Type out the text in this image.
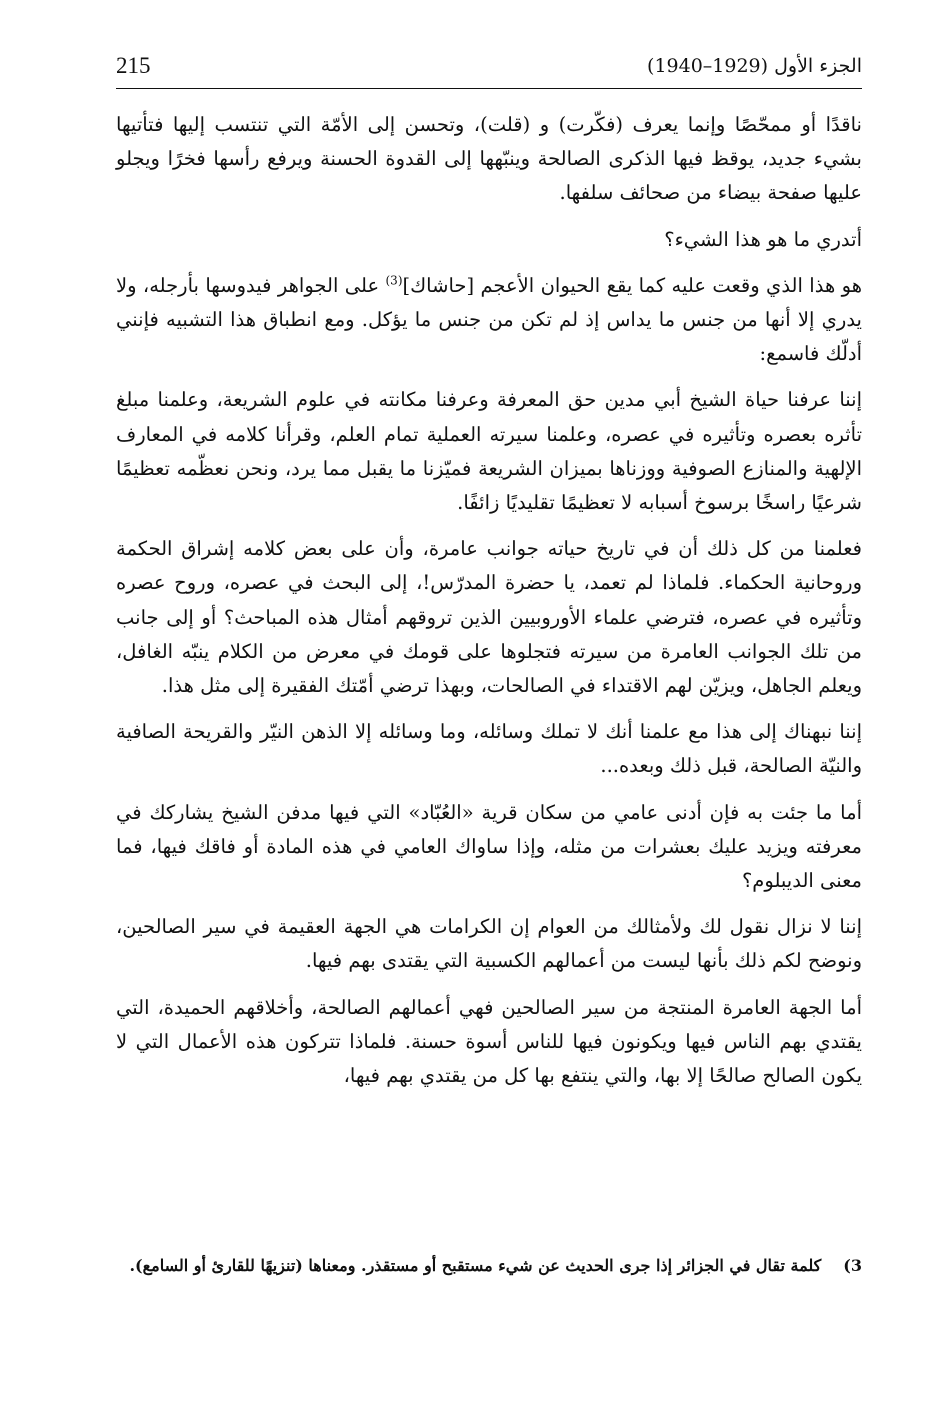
215	الجزء الأول (1929–1940)

ناقدًا أو ممحّصًا وإنما يعرف (فكّرت) و (قلت)، وتحسن إلى الأمّة التي تنتسب إليها فتأتيها بشيء جديد، يوقظ فيها الذكرى الصالحة وينبّهها إلى القدوة الحسنة ويرفع رأسها فخرًا ويجلو عليها صفحة بيضاء من صحائف سلفها.

أتدري ما هو هذا الشيء؟

هو هذا الذي وقعت عليه كما يقع الحيوان الأعجم [حاشاك]$^{(3)}$ على الجواهر فيدوسها بأرجله، ولا يدري إلا أنها من جنس ما يداس إذ لم تكن من جنس ما يؤكل. ومع انطباق هذا التشبيه فإنني أدلّك فاسمع:

إننا عرفنا حياة الشيخ أبي مدين حق المعرفة وعرفنا مكانته في علوم الشريعة، وعلمنا مبلغ تأثره بعصره وتأثيره في عصره، وعلمنا سيرته العملية تمام العلم، وقرأنا كلامه في المعارف الإلهية والمنازع الصوفية ووزناها بميزان الشريعة فميّزنا ما يقبل مما يرد، ونحن نعظّمه تعظيمًا شرعيًا راسخًا برسوخ أسبابه لا تعظيمًا تقليديًا زائفًا.

فعلمنا من كل ذلك أن في تاريخ حياته جوانب عامرة، وأن على بعض كلامه إشراق الحكمة وروحانية الحكماء. فلماذا لم تعمد، يا حضرة المدرّس!، إلى البحث في عصره، وروح عصره وتأثيره في عصره، فترضي علماء الأوروبيين الذين تروقهم أمثال هذه المباحث؟ أو إلى جانب من تلك الجوانب العامرة من سيرته فتجلوها على قومك في معرض من الكلام ينبّه الغافل، ويعلم الجاهل، ويزيّن لهم الاقتداء في الصالحات، وبهذا ترضي أمّتك الفقيرة إلى مثل هذا.

إننا نبهناك إلى هذا مع علمنا أنك لا تملك وسائله، وما وسائله إلا الذهن النيّر والقريحة الصافية والنيّة الصالحة، قبل ذلك وبعده...

أما ما جئت به فإن أدنى عامي من سكان قرية «العُبّاد» التي فيها مدفن الشيخ يشاركك في معرفته ويزيد عليك بعشرات من مثله، وإذا ساواك العامي في هذه المادة أو فاقك فيها، فما معنى الديبلوم؟

إننا لا نزال نقول لك ولأمثالك من العوام إن الكرامات هي الجهة العقيمة في سير الصالحين، ونوضح لكم ذلك بأنها ليست من أعمالهم الكسبية التي يقتدى بهم فيها.

أما الجهة العامرة المنتجة من سير الصالحين فهي أعمالهم الصالحة، وأخلاقهم الحميدة، التي يقتدي بهم الناس فيها ويكونون فيها للناس أسوة حسنة. فلماذا تتركون هذه الأعمال التي لا يكون الصالح صالحًا إلا بها، والتي ينتفع بها كل من يقتدي بهم فيها،

3)كلمة تقال في الجزائر إذا جرى الحديث عن شيء مستقبح أو مستقذر. ومعناها (تنزيهًا للقارئ أو السامع).
